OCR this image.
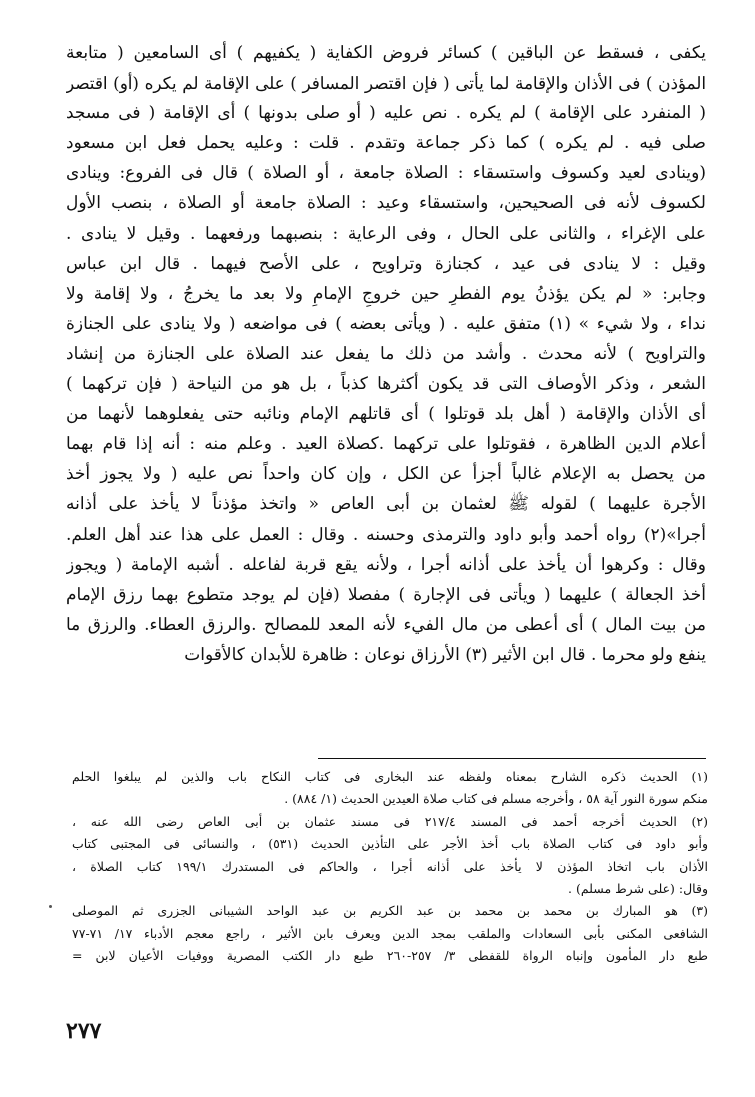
يكفى ، فسقط عن الباقين ) كسائر فروض الكفاية ( يكفيهم ) أى السامعين ( متابعة
المؤذن ) فى الأذان والإقامة لما يأتى ( فإن اقتصر المسافر ) على الإقامة لم يكره (أو) اقتصر
( المنفرد على الإقامة ) لم يكره . نص عليه ( أو صلى بدونها ) أى الإقامة ( فى مسجد
صلى فيه . لم يكره ) كما ذكر جماعة وتقدم . قلت : وعليه يحمل فعل ابن مسعود
(وينادى لعيد وكسوف واستسقاء : الصلاة جامعة ، أو الصلاة ) قال فى الفروع: وينادى
لكسوف لأنه فى الصحيحين، واستسقاء وعيد : الصلاة جامعة أو الصلاة ، بنصب الأول
على الإغراء ، والثانى على الحال ، وفى الرعاية : بنصبهما ورفعهما . وقيل لا ينادى .
وقيل : لا ينادى فى عيد ، كجنازة وتراويح ، على الأصح فيهما . قال ابن عباس
وجابر: « لم يكن يؤذنُ يوم الفطرِ حين خروجِ الإمامِ ولا بعد ما يخرجُ ، ولا إقامة ولا
نداء ، ولا شيء » (١) متفق عليه . ( ويأتى بعضه ) فى مواضعه ( ولا ينادى على الجنازة
والتراويح ) لأنه محدث . وأشد من ذلك ما يفعل عند الصلاة على الجنازة من إنشاد
الشعر ، وذكر الأوصاف التى قد يكون أكثرها كذباً ، بل هو من النياحة ( فإن تركهما )
أى الأذان والإقامة ( أهل بلد قوتلوا ) أى قاتلهم الإمام ونائبه حتى يفعلوهما لأنهما من
أعلام الدين الظاهرة ، فقوتلوا على تركهما .كصلاة العيد . وعلم منه : أنه إذا قام بهما
من يحصل به الإعلام غالباً أجزأ عن الكل ، وإن كان واحداً نص عليه ( ولا يجوز أخذ
الأجرة عليهما ) لقوله ﷺ لعثمان بن أبى العاص « واتخذ مؤذناً لا يأخذ على أذانه
أجرا»(٢) رواه أحمد وأبو داود والترمذى وحسنه . وقال : العمل على هذا عند أهل العلم.
وقال : وكرهوا أن يأخذ على أذانه أجرا ، ولأنه يقع قربة لفاعله . أشبه الإمامة ( ويجوز
أخذ الجعالة ) عليهما ( ويأتى فى الإجارة ) مفصلا (فإن لم يوجد متطوع بهما رزق الإمام
من بيت المال ) أى أعطى من مال الفيء لأنه المعد للمصالح .والرزق العطاء. والرزق ما
ينفع ولو محرما . قال ابن الأثير (٣) الأرزاق نوعان : ظاهرة للأبدان كالأقوات
(١) الحديث ذكره الشارح بمعناه ولفظه عند البخارى فى كتاب النكاح باب والذين لم يبلغوا الحلم
منكم سورة النور آية ٥٨ ، وأخرجه مسلم فى كتاب صلاة العيدين الحديث (١/ ٨٨٤) .
(٢) الحديث أخرجه أحمد فى المسند ٢١٧/٤ فى مسند عثمان بن أبى العاص رضى الله عنه ،
وأبو داود فى كتاب الصلاة باب أخذ الأجر على التأذين الحديث (٥٣١) ، والنسائى فى المجتبى كتاب
الأذان باب اتخاذ المؤذن لا يأخذ على أذانه أجرا ، والحاكم فى المستدرك ١٩٩/١ كتاب الصلاة ،
وقال: (على شرط مسلم) .
(٣) هو المبارك بن محمد بن محمد بن عبد الكريم بن عبد الواحد الشيبانى الجزرى ثم الموصلى
الشافعى المكنى بأبى السعادات والملقب بمجد الدين ويعرف بابن الأثير ، راجع معجم الأدباء ١٧/ ٧١-٧٧
طبع دار المأمون وإنباه الرواة للقفطى ٣/ ٢٥٧-٢٦٠ طبع دار الكتب المصرية ووفيات الأعيان لابن =
٢٧٧
